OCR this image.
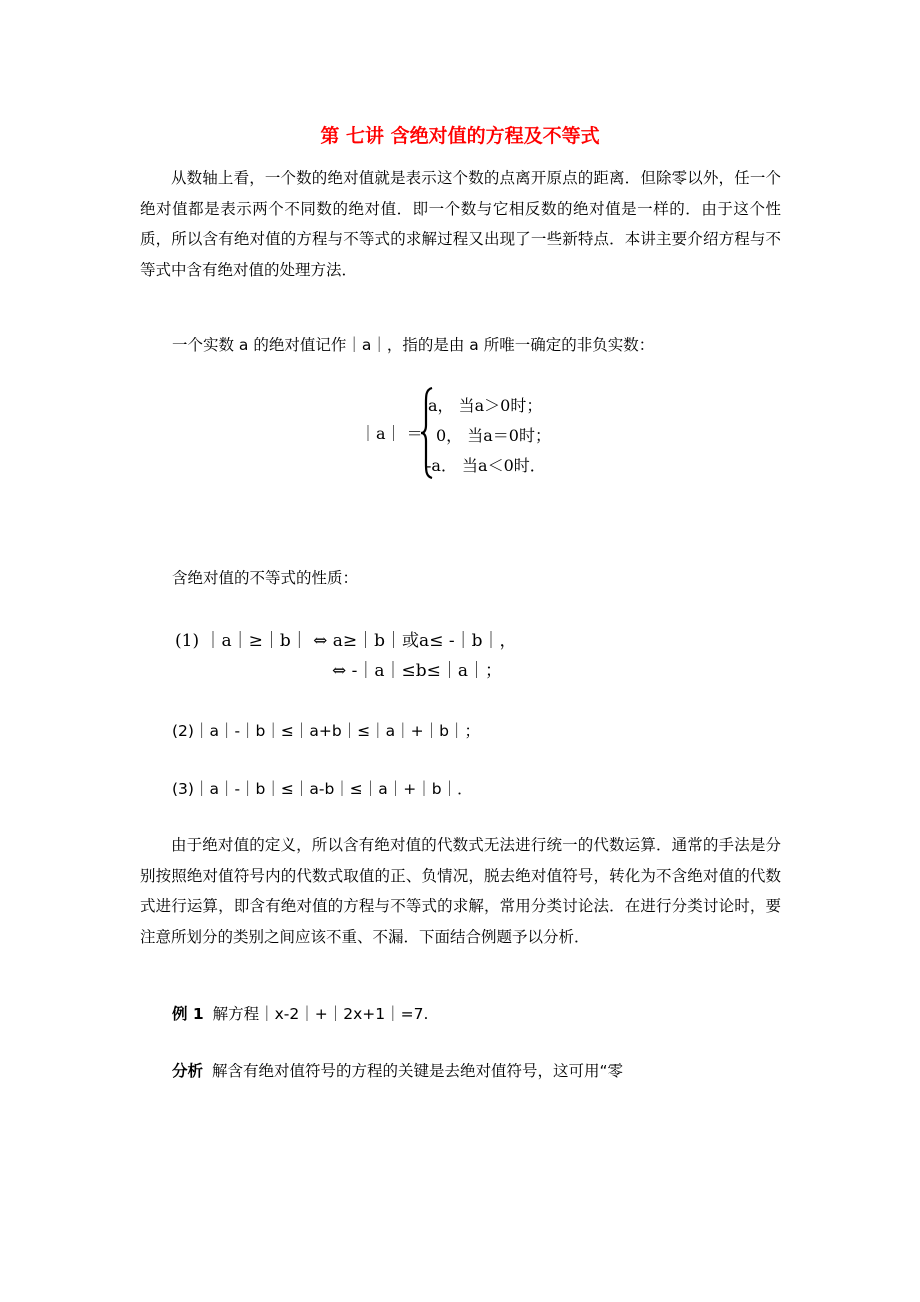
第 七讲 含绝对值的方程及不等式
从数轴上看，一个数的绝对值就是表示这个数的点离开原点的距离．但除零以外，任一个绝对值都是表示两个不同数的绝对值．即一个数与它相反数的绝对值是一样的．由于这个性质，所以含有绝对值的方程与不等式的求解过程又出现了一些新特点．本讲主要介绍方程与不等式中含有绝对值的处理方法．
一个实数 a 的绝对值记作｜a｜，指的是由 a 所唯一确定的非负实数：
｜a｜ ＝
a， 当a＞0时；
0， 当a＝0时；
-a． 当a＜0时．
含绝对值的不等式的性质：
(1) ｜a｜≥｜b｜ ⇔ a≥｜b｜或a≤ -｜b｜，
⇔ -｜a｜≤b≤｜a｜；
(2)｜a｜-｜b｜≤｜a+b｜≤｜a｜+｜b｜；
(3)｜a｜-｜b｜≤｜a-b｜≤｜a｜+｜b｜．
由于绝对值的定义，所以含有绝对值的代数式无法进行统一的代数运算．通常的手法是分别按照绝对值符号内的代数式取值的正、负情况，脱去绝对值符号，转化为不含绝对值的代数式进行运算，即含有绝对值的方程与不等式的求解，常用分类讨论法．在进行分类讨论时，要注意所划分的类别之间应该不重、不漏．下面结合例题予以分析．
例 1 解方程｜x-2｜+｜2x+1｜=7.
分析 解含有绝对值符号的方程的关键是去绝对值符号，这可用“零
